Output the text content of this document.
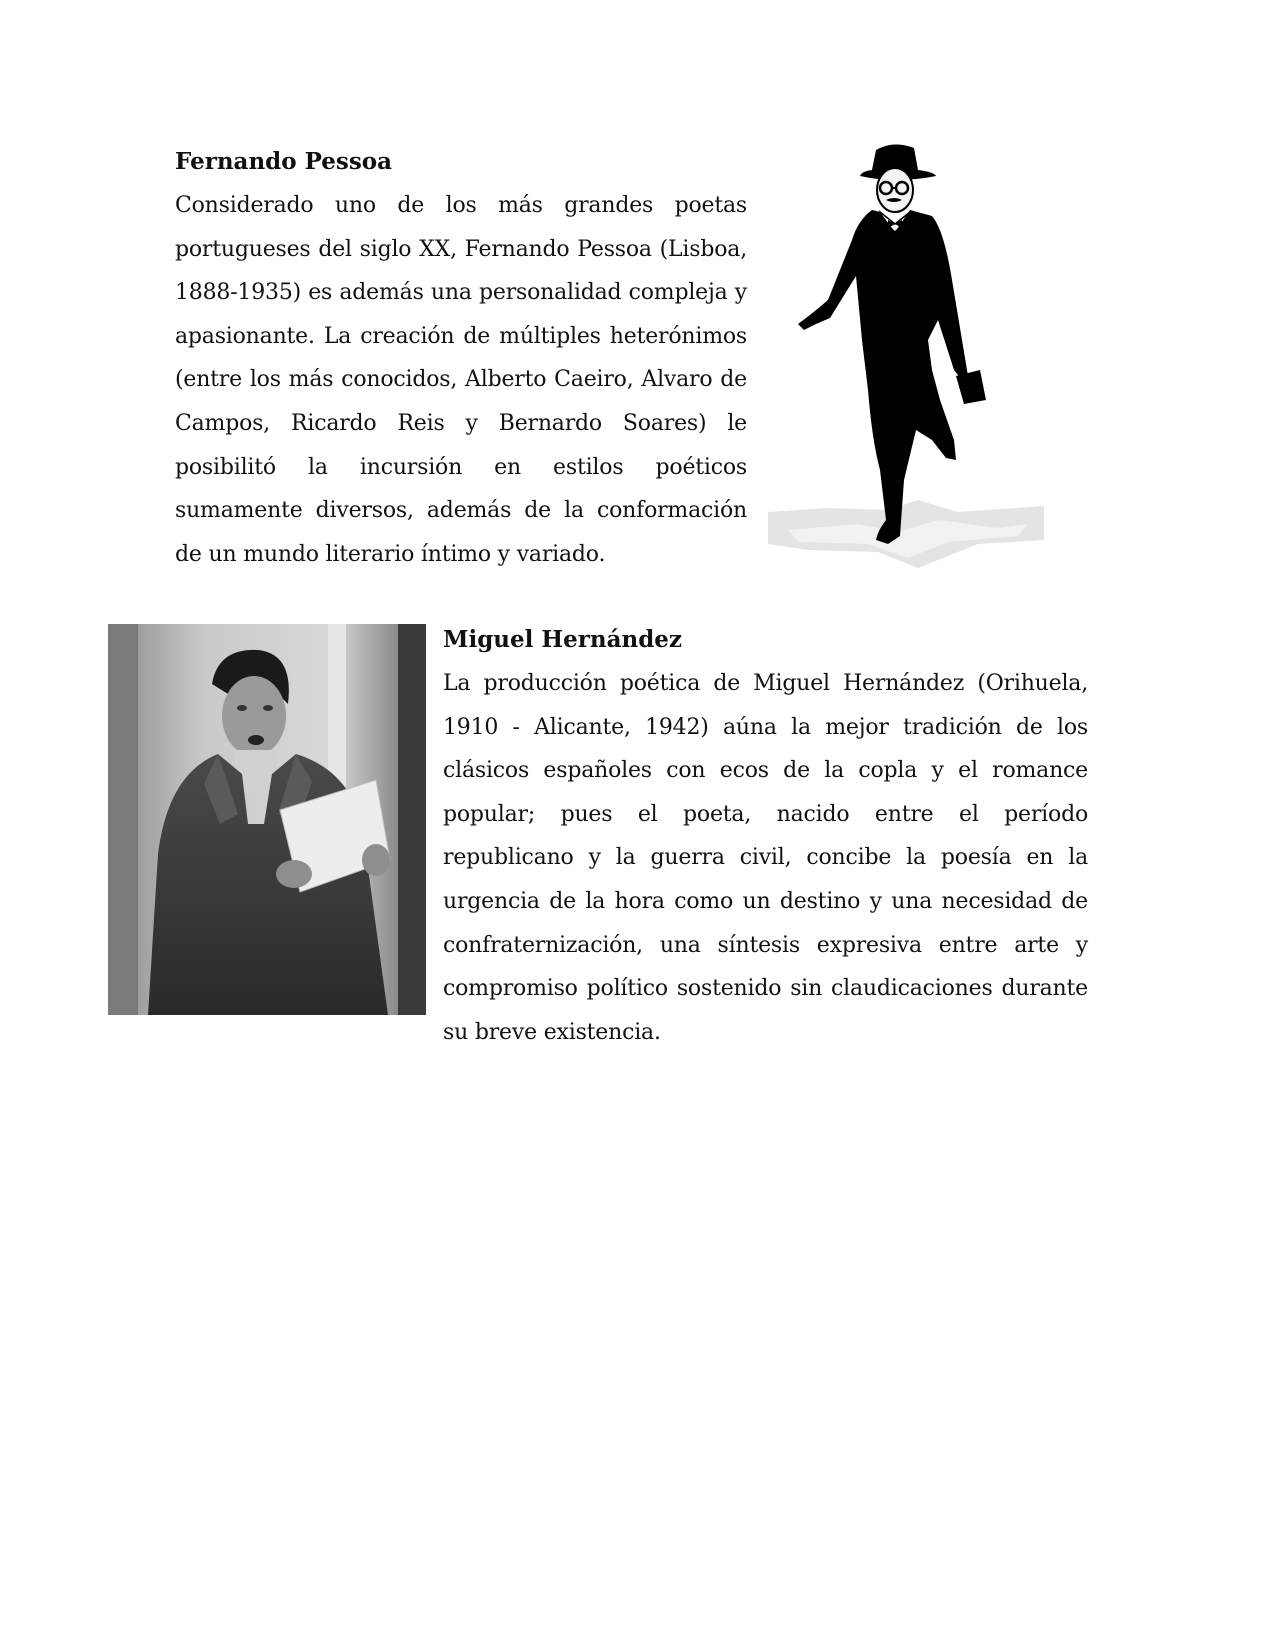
Fernando Pessoa

Considerado uno de los más grandes poetas portugueses del siglo XX, Fernando Pessoa (Lisboa, 1888-1935) es además una personalidad compleja y apasionante. La creación de múltiples heterónimos (entre los más conocidos, Alberto Caeiro, Alvaro de Campos, Ricardo Reis y Bernardo Soares) le posibilitó la incursión en estilos poéticos sumamente diversos, además de la conformación de un mundo literario íntimo y variado.

Miguel Hernández

La producción poética de Miguel Hernández (Orihuela, 1910 - Alicante, 1942) aúna la mejor tradición de los clásicos españoles con ecos de la copla y el romance popular; pues el poeta, nacido entre el período republicano y la guerra civil, concibe la poesía en la urgencia de la hora como un destino y una necesidad de confraternización, una síntesis expresiva entre arte y compromiso político sostenido sin claudicaciones durante su breve existencia.
